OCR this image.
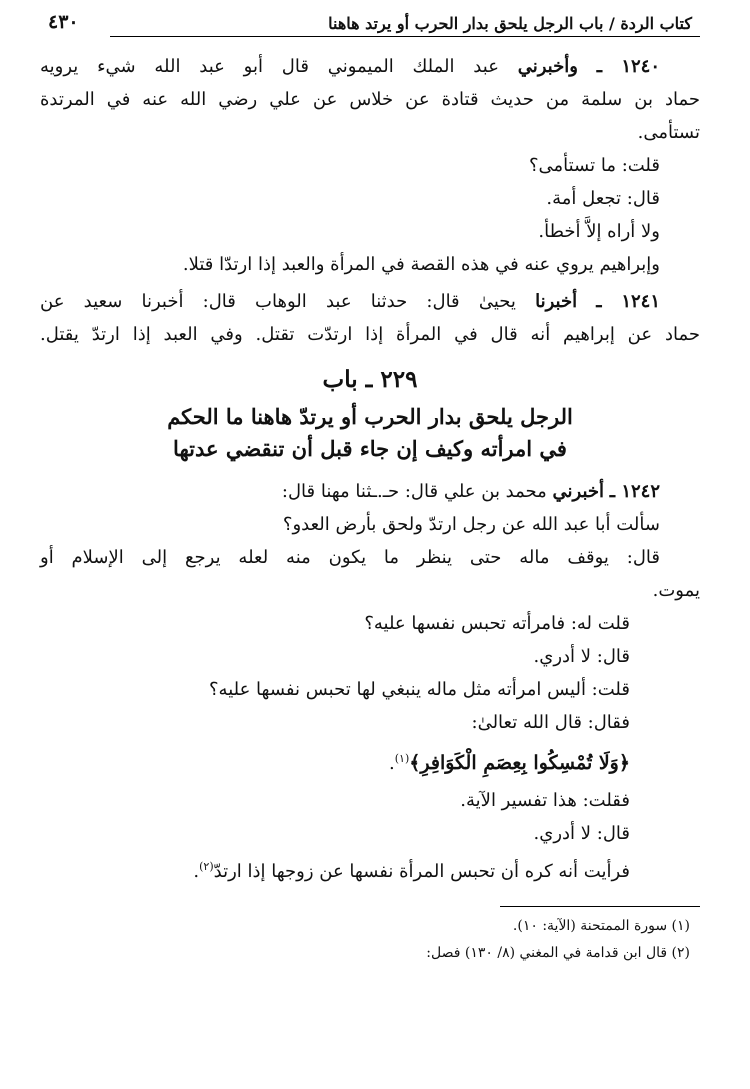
كتاب الردة / باب الرجل يلحق بدار الحرب أو يرتد هاهنا
٤٣٠

١٢٤٠ ـ وأخبرني عبد الملك الميموني قال أبو عبد الله شيء يرويه

حماد بن سلمة من حديث قتادة عن خلاس عن علي رضي الله عنه في المرتدة

تستأمى.

قلت: ما تستأمى؟

قال: تجعل أمة.

ولا أراه إلاَّ أخطأ.

وإبراهيم يروي عنه في هذه القصة في المرأة والعبد إذا ارتدّا قتلا.

١٢٤١ ـ أخبرنا يحيىٰ قال: حدثنا عبد الوهاب قال: أخبرنا سعيد عن

حماد عن إبراهيم أنه قال في المرأة إذا ارتدّت تقتل. وفي العبد إذا ارتدّ يقتل.

٢٢٩ ـ باب

الرجل يلحق بدار الحرب أو يرتدّ هاهنا ما الحكم

في امرأته وكيف إن جاء قبل أن تنقضي عدتها

١٢٤٢ ـ أخبرني محمد بن علي قال: حـ.ـثنا مهنا قال:

سألت أبا عبد الله عن رجل ارتدّ ولحق بأرض العدو؟

قال: يوقف ماله حتى ينظر ما يكون منه لعله يرجع إلى الإسلام أو

يموت.

قلت له: فامرأته تحبس نفسها عليه؟

قال: لا أدري.

قلت: أليس امرأته مثل ماله ينبغي لها تحبس نفسها عليه؟

فقال: قال الله تعالىٰ:

﴿وَلَا تُمْسِكُوا بِعِصَمِ الْكَوَافِرِ﴾$^{(١)}$.

فقلت: هذا تفسير الآية.

قال: لا أدري.

فرأيت أنه كره أن تحبس المرأة نفسها عن زوجها إذا ارتدّ$^{(٢)}$.

(١) سورة الممتحنة (الآية: ١٠).

(٢) قال ابن قدامة في المغني (٨/ ١٣٠) فصل:
